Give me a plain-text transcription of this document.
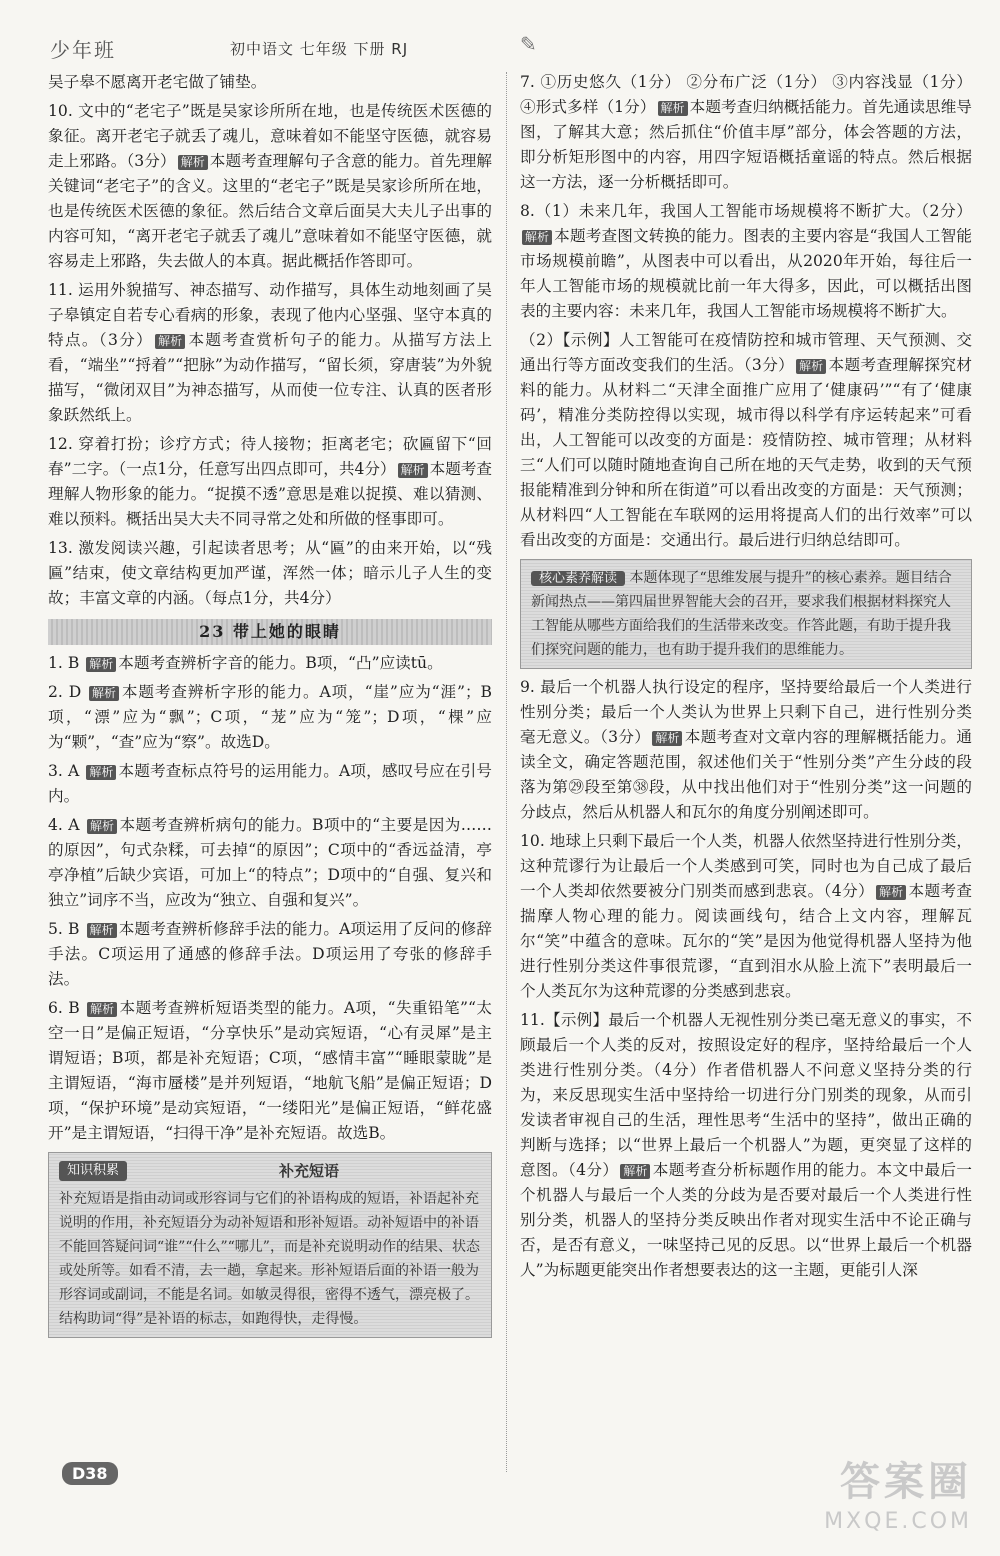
少年班	初中语文 七年级 下册 RJ	✎

吴子皋不愿离开老宅做了铺垫。

10. 文中的“老宅子”既是吴家诊所所在地，也是传统医术医德的象征。离开老宅子就丢了魂儿，意味着如不能坚守医德，就容易走上邪路。（3分） 解析 本题考查理解句子含意的能力。首先理解关键词“老宅子”的含义。这里的“老宅子”既是吴家诊所所在地，也是传统医术医德的象征。然后结合文章后面吴大夫儿子出事的内容可知，“离开老宅子就丢了魂儿”意味着如不能坚守医德，就容易走上邪路，失去做人的本真。据此概括作答即可。

11. 运用外貌描写、神态描写、动作描写，具体生动地刻画了吴子皋镇定自若专心看病的形象，表现了他内心坚强、坚守本真的特点。（3分） 解析 本题考查赏析句子的能力。从描写方法上看，“端坐”“捋着”“把脉”为动作描写，“留长须，穿唐装”为外貌描写，“微闭双目”为神态描写，从而使一位专注、认真的医者形象跃然纸上。

12. 穿着打扮；诊疗方式；待人接物；拒离老宅；砍匾留下“回春”二字。（一点1分，任意写出四点即可，共4分） 解析 本题考查理解人物形象的能力。“捉摸不透”意思是难以捉摸、难以猜测、难以预料。概括出吴大夫不同寻常之处和所做的怪事即可。

13. 激发阅读兴趣，引起读者思考；从“匾”的由来开始，以“残匾”结束，使文章结构更加严谨，浑然一体；暗示儿子人生的变故；丰富文章的内涵。（每点1分，共4分）

23 带上她的眼睛

1. B 解析 本题考查辨析字音的能力。B项，“凸”应读tū。

2. D 解析 本题考查辨析字形的能力。A项，“崖”应为“涯”；B项，“漂”应为“飘”；C项，“茏”应为“笼”；D项，“棵”应为“颗”，“查”应为“察”。故选D。

3. A 解析 本题考查标点符号的运用能力。A项，感叹号应在引号内。

4. A 解析 本题考查辨析病句的能力。B项中的“主要是因为……的原因”，句式杂糅，可去掉“的原因”；C项中的“香远益清，亭亭净植”后缺少宾语，可加上“的特点”；D项中的“自强、复兴和独立”词序不当，应改为“独立、自强和复兴”。

5. B 解析 本题考查辨析修辞手法的能力。A项运用了反问的修辞手法。C项运用了通感的修辞手法。D项运用了夸张的修辞手法。

6. B 解析 本题考查辨析短语类型的能力。A项，“失重铅笔”“太空一日”是偏正短语，“分享快乐”是动宾短语，“心有灵犀”是主谓短语；B项，都是补充短语；C项，“感情丰富”“睡眼蒙眬”是主谓短语，“海市蜃楼”是并列短语，“地航飞船”是偏正短语；D项，“保护环境”是动宾短语，“一缕阳光”是偏正短语，“鲜花盛开”是主谓短语，“扫得干净”是补充短语。故选B。

知识积累	补充短语
补充短语是指由动词或形容词与它们的补语构成的短语，补语起补充说明的作用，补充短语分为动补短语和形补短语。动补短语中的补语不能回答疑问词“谁”“什么”“哪儿”，而是补充说明动作的结果、状态或处所等。如看不清，去一趟，拿起来。形补短语后面的补语一般为形容词或副词，不能是名词。如敏灵得很，密得不透气，漂亮极了。结构助词“得”是补语的标志，如跑得快，走得慢。

7. ①历史悠久（1分） ②分布广泛（1分） ③内容浅显（1分） ④形式多样（1分） 解析 本题考查归纳概括能力。首先通读思维导图，了解其大意；然后抓住“价值丰厚”部分，体会答题的方法，即分析矩形图中的内容，用四字短语概括童谣的特点。然后根据这一方法，逐一分析概括即可。

8.（1）未来几年，我国人工智能市场规模将不断扩大。（2分）解析 本题考查图文转换的能力。图表的主要内容是“我国人工智能市场规模前瞻”，从图表中可以看出，从2020年开始，每往后一年人工智能市场的规模就比前一年大得多，因此，可以概括出图表的主要内容：未来几年，我国人工智能市场规模将不断扩大。

（2）【示例】人工智能可在疫情防控和城市管理、天气预测、交通出行等方面改变我们的生活。（3分） 解析 本题考查理解探究材料的能力。从材料二“天津全面推广应用了‘健康码’”“有了‘健康码’，精准分类防控得以实现，城市得以科学有序运转起来”可看出，人工智能可以改变的方面是：疫情防控、城市管理；从材料三“人们可以随时随地查询自己所在地的天气走势，收到的天气预报能精准到分钟和所在街道”可以看出改变的方面是：天气预测；从材料四“人工智能在车联网的运用将提高人们的出行效率”可以看出改变的方面是：交通出行。最后进行归纳总结即可。

核心素养解读 本题体现了“思维发展与提升”的核心素养。题目结合新闻热点——第四届世界智能大会的召开，要求我们根据材料探究人工智能从哪些方面给我们的生活带来改变。作答此题，有助于提升我们探究问题的能力，也有助于提升我们的思维能力。

9. 最后一个机器人执行设定的程序，坚持要给最后一个人类进行性别分类；最后一个人类认为世界上只剩下自己，进行性别分类毫无意义。（3分） 解析 本题考查对文章内容的理解概括能力。通读全文，确定答题范围，叙述他们关于“性别分类”产生分歧的段落为第㉙段至第㊳段，从中找出他们对于“性别分类”这一问题的分歧点，然后从机器人和瓦尔的角度分别阐述即可。

10. 地球上只剩下最后一个人类，机器人依然坚持进行性别分类，这种荒谬行为让最后一个人类感到可笑，同时也为自己成了最后一个人类却依然要被分门别类而感到悲哀。（4分） 解析 本题考查揣摩人物心理的能力。阅读画线句，结合上文内容，理解瓦尔“笑”中蕴含的意味。瓦尔的“笑”是因为他觉得机器人坚持为他进行性别分类这件事很荒谬，“直到泪水从脸上流下”表明最后一个人类瓦尔为这种荒谬的分类感到悲哀。

11.【示例】最后一个机器人无视性别分类已毫无意义的事实，不顾最后一个人类的反对，按照设定好的程序，坚持给最后一个人类进行性别分类。（4分）作者借机器人不问意义坚持分类的行为，来反思现实生活中坚持给一切进行分门别类的现象，从而引发读者审视自己的生活，理性思考“生活中的坚持”，做出正确的判断与选择；以“世界上最后一个机器人”为题，更突显了这样的意图。（4分） 解析 本题考查分析标题作用的能力。本文中最后一个机器人与最后一个人类的分歧为是否要对最后一个人类进行性别分类，机器人的坚持分类反映出作者对现实生活中不论正确与否，是否有意义，一味坚持己见的反思。以“世界上最后一个机器人”为标题更能突出作者想要表达的这一主题，更能引人深

D38	答案圈
MXQE.COM
